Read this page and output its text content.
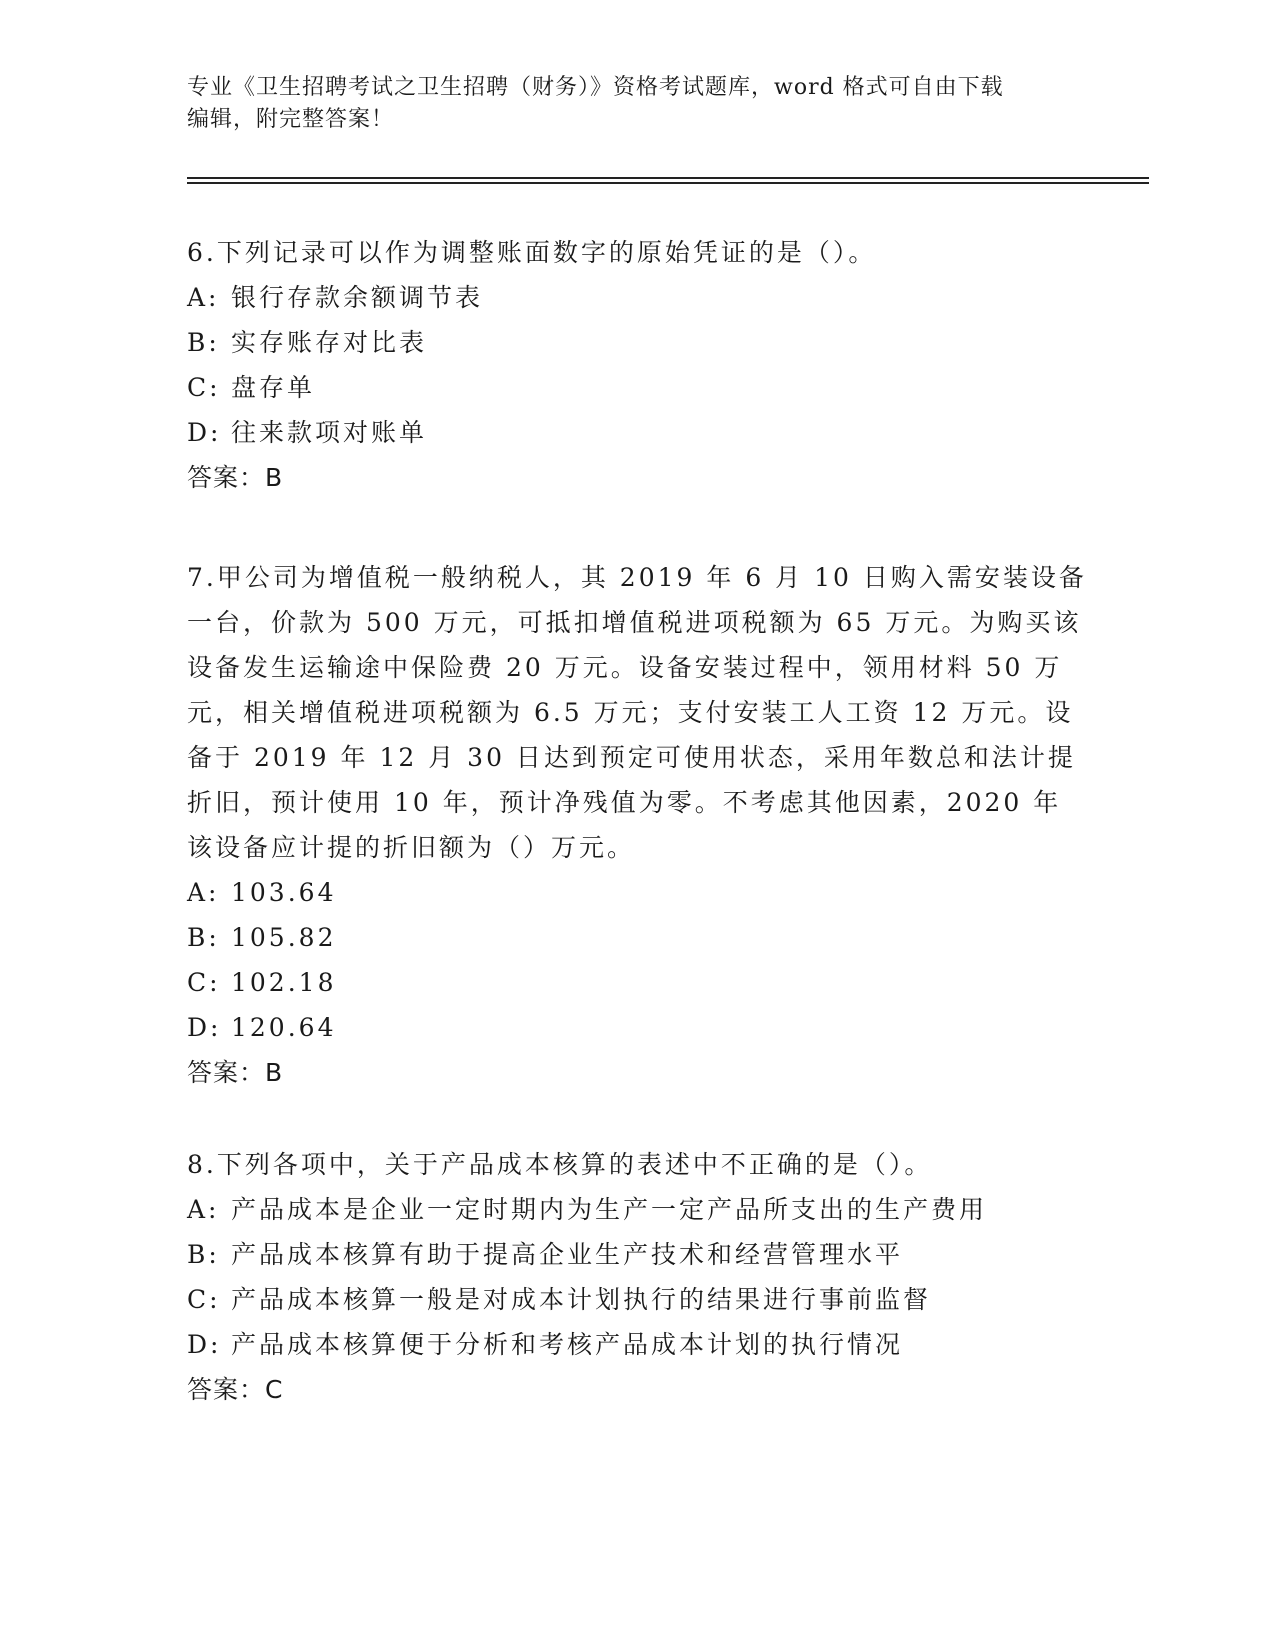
专业《卫生招聘考试之卫生招聘（财务）》资格考试题库，word 格式可自由下载
编辑，附完整答案！

6.下列记录可以作为调整账面数字的原始凭证的是（）。

A: 银行存款余额调节表

B: 实存账存对比表

C: 盘存单

D: 往来款项对账单

答案：B

7.甲公司为增值税一般纳税人，其 2019 年 6 月 10 日购入需安装设备一台，价款为 500 万元，可抵扣增值税进项税额为 65 万元。为购买该设备发生运输途中保险费 20 万元。设备安装过程中，领用材料 50 万元，相关增值税进项税额为 6.5 万元；支付安装工人工资 12 万元。设备于 2019 年 12 月 30 日达到预定可使用状态，采用年数总和法计提折旧，预计使用 10 年，预计净残值为零。不考虑其他因素，2020 年该设备应计提的折旧额为（）万元。

A: 103.64

B: 105.82

C: 102.18

D: 120.64

答案：B

8.下列各项中，关于产品成本核算的表述中不正确的是（）。

A: 产品成本是企业一定时期内为生产一定产品所支出的生产费用

B: 产品成本核算有助于提高企业生产技术和经营管理水平

C: 产品成本核算一般是对成本计划执行的结果进行事前监督

D: 产品成本核算便于分析和考核产品成本计划的执行情况

答案：C
